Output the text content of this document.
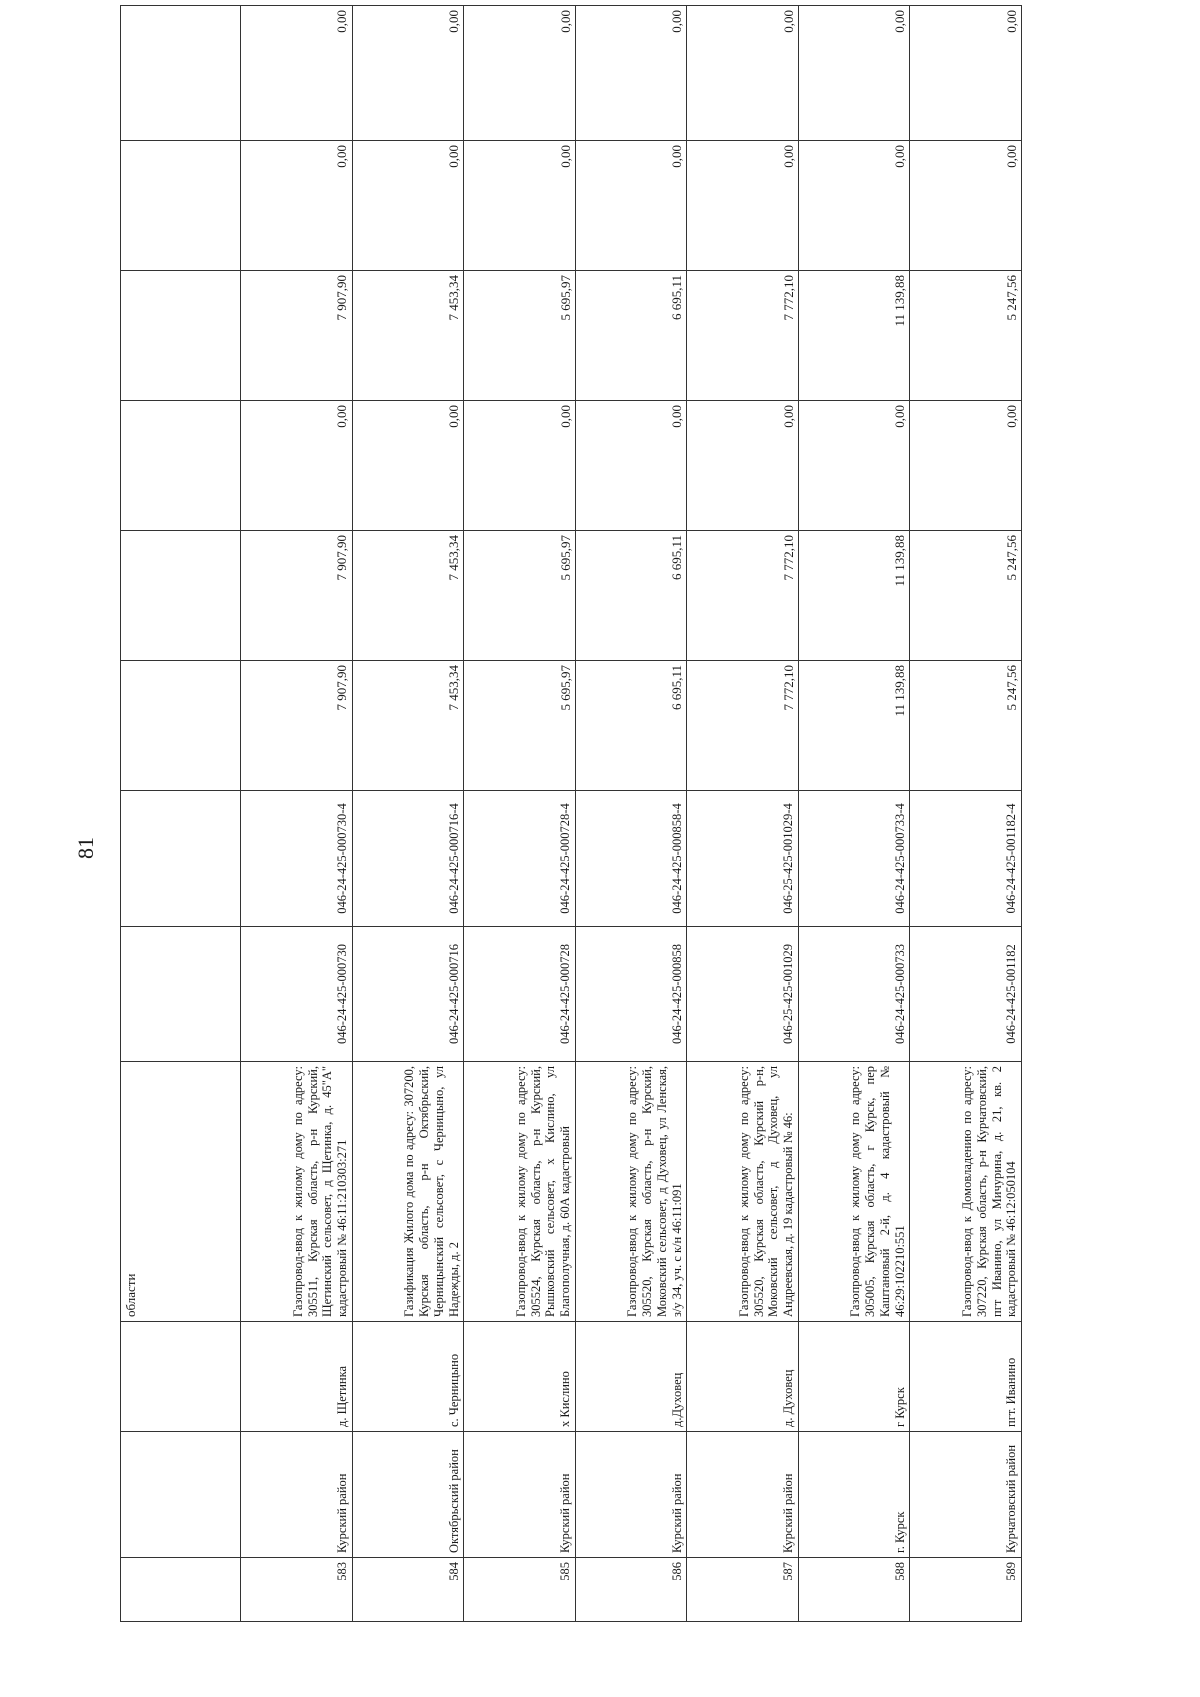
81
			области								
583	Курский район	д. Щетинка	Газопровод-ввод к жилому дому по адресу: 305511, Курская область, р-н Курский, Щетинский сельсовет, д Щетинка, д. 45"А" кадастровый № 46:11:210303:271	046-24-425-000730	046-24-425-000730-4	7 907,90	7 907,90	0,00	7 907,90	0,00	0,00
584	Октябрьский район	с. Черницыно	Газификация Жилого дома по адресу: 307200, Курская область, р-н Октябрьский, Черницынский сельсовет, с Черницыно, ул Надежды, д. 2	046-24-425-000716	046-24-425-000716-4	7 453,34	7 453,34	0,00	7 453,34	0,00	0,00
585	Курский район	х Кислино	Газопровод-ввод к жилому дому по адресу: 305524, Курская область, р-н Курский, Рышковский сельсовет, х Кислино, ул Благополучная, д. 60А кадастровый	046-24-425-000728	046-24-425-000728-4	5 695,97	5 695,97	0,00	5 695,97	0,00	0,00
586	Курский район	д.Духовец	Газопровод-ввод к жилому дому по адресу: 305520, Курская область, р-н Курский, Моковский сельсовет, д Духовец, ул Ленская, з/у 34, уч. с к/н 46:11:091	046-24-425-000858	046-24-425-000858-4	6 695,11	6 695,11	0,00	6 695,11	0,00	0,00
587	Курский район	д. Духовец	Газопровод-ввод к жилому дому по адресу: 305520, Курская область, Курский р-н, Моковский сельсовет, д Духовец, ул Андреевская, д. 19 кадастровый № 46:	046-25-425-001029	046-25-425-001029-4	7 772,10	7 772,10	0,00	7 772,10	0,00	0,00
588	г. Курск	г Курск	Газопровод-ввод к жилому дому по адресу: 305005, Курская область, г Курск, пер Каштановый 2-й, д. 4 кадастровый № 46:29:102210:551	046-24-425-000733	046-24-425-000733-4	11 139,88	11 139,88	0,00	11 139,88	0,00	0,00
589	Курчатовский район	пгт. Иванино	Газопровод-ввод к Домовладению по адресу: 307220, Курская область, р-н Курчатовский, пгт Иванино, ул Мичурина, д. 21, кв. 2 кадастровый № 46:12:050104	046-24-425-001182	046-24-425-001182-4	5 247,56	5 247,56	0,00	5 247,56	0,00	0,00
